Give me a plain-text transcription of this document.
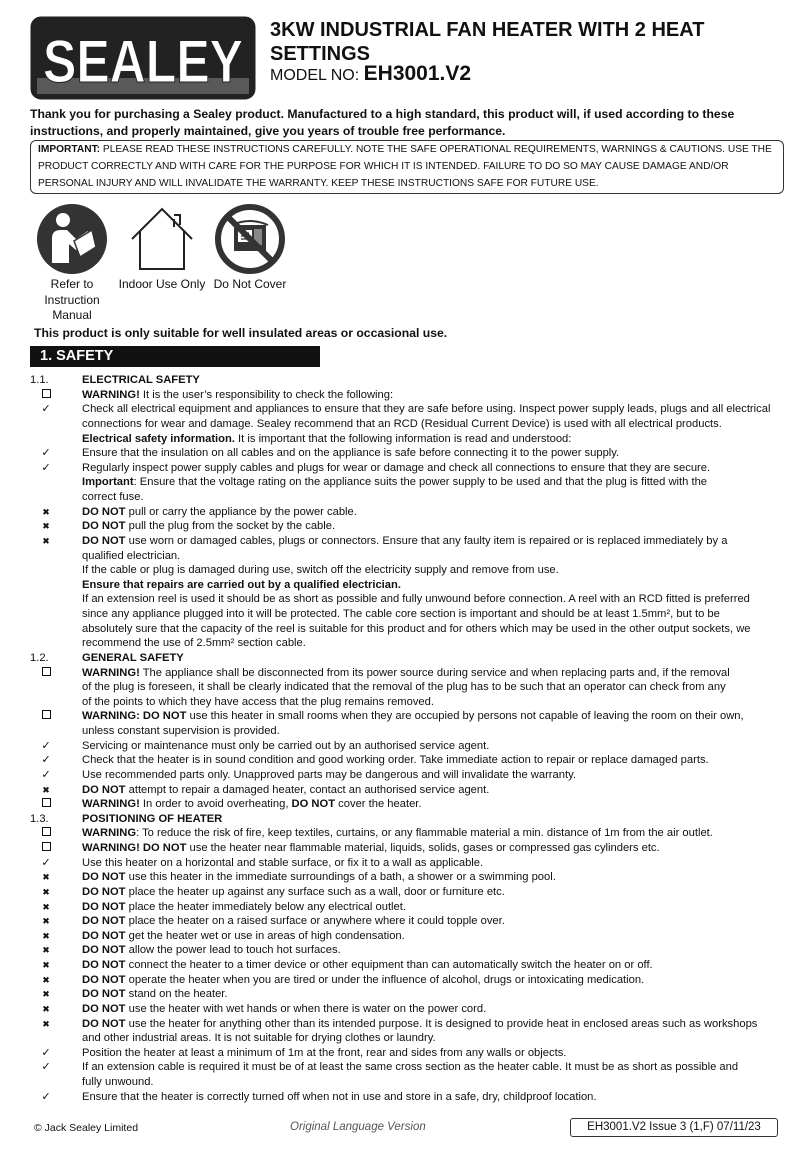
SEALEY 3KW INDUSTRIAL FAN HEATER WITH 2 HEAT SETTINGS
MODEL NO: EH3001.V2
Thank you for purchasing a Sealey product. Manufactured to a high standard, this product will, if used according to these instructions, and properly maintained, give you years of trouble free performance.
IMPORTANT: PLEASE READ THESE INSTRUCTIONS CAREFULLY. NOTE THE SAFE OPERATIONAL REQUIREMENTS, WARNINGS & CAUTIONS. USE THE PRODUCT CORRECTLY AND WITH CARE FOR THE PURPOSE FOR WHICH IT IS INTENDED. FAILURE TO DO SO MAY CAUSE DAMAGE AND/OR PERSONAL INJURY AND WILL INVALIDATE THE WARRANTY. KEEP THESE INSTRUCTIONS SAFE FOR FUTURE USE.
Refer to Instruction Manual
Indoor Use Only Do Not Cover
This product is only suitable for well insulated areas or occasional use.
1. SAFETY
1.1.	ELECTRICAL SAFETY
WARNING! It is the user’s responsibility to check the following:
✓	Check all electrical equipment and appliances to ensure that they are safe before using. Inspect power supply leads, plugs and all electrical
connections for wear and damage. Sealey recommend that an RCD (Residual Current Device) is used with all electrical products.
Electrical safety information. It is important that the following information is read and understood:
✓	Ensure that the insulation on all cables and on the appliance is safe before connecting it to the power supply.
✓	Regularly inspect power supply cables and plugs for wear or damage and check all connections to ensure that they are secure.
Important: Ensure that the voltage rating on the appliance suits the power supply to be used and that the plug is fitted with the
correct fuse.
✖	DO NOT pull or carry the appliance by the power cable.
✖	DO NOT pull the plug from the socket by the cable.
✖	DO NOT use worn or damaged cables, plugs or connectors. Ensure that any faulty item is repaired or is replaced immediately by a
qualified electrician.
If the cable or plug is damaged during use, switch off the electricity supply and remove from use.
Ensure that repairs are carried out by a qualified electrician.
If an extension reel is used it should be as short as possible and fully unwound before connection. A reel with an RCD fitted is preferred
since any appliance plugged into it will be protected. The cable core section is important and should be at least 1.5mm², but to be
absolutely sure that the capacity of the reel is suitable for this product and for others which may be used in the other output sockets, we
recommend the use of 2.5mm² section cable.
1.2.	GENERAL SAFETY
WARNING! The appliance shall be disconnected from its power source during service and when replacing parts and, if the removal
of the plug is foreseen, it shall be clearly indicated that the removal of the plug has to be such that an operator can check from any
of the points to which they have access that the plug remains removed.
WARNING: DO NOT use this heater in small rooms when they are occupied by persons not capable of leaving the room on their own,
unless constant supervision is provided.
✓	Servicing or maintenance must only be carried out by an authorised service agent.
✓	Check that the heater is in sound condition and good working order. Take immediate action to repair or replace damaged parts.
✓	Use recommended parts only. Unapproved parts may be dangerous and will invalidate the warranty.
✖	DO NOT attempt to repair a damaged heater, contact an authorised service agent.
WARNING! In order to avoid overheating, DO NOT cover the heater.
1.3.	POSITIONING OF HEATER
WARNING: To reduce the risk of fire, keep textiles, curtains, or any flammable material a min. distance of 1m from the air outlet.
WARNING! DO NOT use the heater near flammable material, liquids, solids, gases or compressed gas cylinders etc.
✓	Use this heater on a horizontal and stable surface, or fix it to a wall as applicable.
✖	DO NOT use this heater in the immediate surroundings of a bath, a shower or a swimming pool.
✖	DO NOT place the heater up against any surface such as a wall, door or furniture etc.
✖	DO NOT place the heater immediately below any electrical outlet.
✖	DO NOT place the heater on a raised surface or anywhere where it could topple over.
✖	DO NOT get the heater wet or use in areas of high condensation.
✖	DO NOT allow the power lead to touch hot surfaces.
✖	DO NOT connect the heater to a timer device or other equipment than can automatically switch the heater on or off.
✖	DO NOT operate the heater when you are tired or under the influence of alcohol, drugs or intoxicating medication.
✖	DO NOT stand on the heater.
✖	DO NOT use the heater with wet hands or when there is water on the power cord.
✖	DO NOT use the heater for anything other than its intended purpose. It is designed to provide heat in enclosed areas such as workshops
and other industrial areas. It is not suitable for drying clothes or laundry.
✓	Position the heater at least a minimum of 1m at the front, rear and sides from any walls or objects.
✓	If an extension cable is required it must be of at least the same cross section as the heater cable. It must be as short as possible and
fully unwound.
✓	Ensure that the heater is correctly turned off when not in use and store in a safe, dry, childproof location.
© Jack Sealey Limited	Original Language Version	EH3001.V2 Issue 3 (1,F) 07/11/23
